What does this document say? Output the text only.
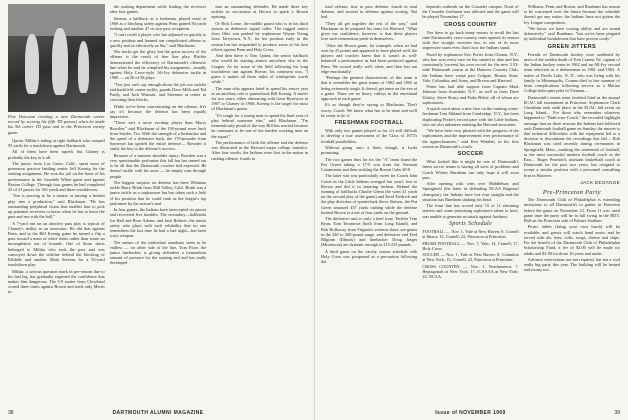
Pete Donovan creating a new Dartmouth career record by scoring his fifth TD passes) when he made his 5th career TD pass and in the Princeton varsity game.

Quinn, Mildar's fading at right halfback who romped 93 yards for a touchdown against Dartmouth.

All of them have been superb, but Chaney is probably the key to it all.

The junior from Las Gatos, Calif., spent most of preseason practice battling senior Jeff Koenig for the starting assignment. He won the job on the basis of his performance in the Grumble White game and against Boston College. Through four games he had completed 25 of 41 passes for 361 yards and three touchdowns.

"Jim is proving to be a master at turning a broken play into a production," said Blackman. "He has outstanding peripheral vision that enables him to pick up potential receivers or know when he has to leave the pass and run with the ball."

A 7-yard run on an abortive pass play is typical of Chaney's ability as an innovator. He did that against Penn, and in the Bill Koenig game he turned a flip a pass toward a mass of white shirts rather than waste an incompletion out of bounds. One of those shirts belonged to Mildar who took the pass and was convoyed down the sideline behind the blocking of Kildalle and another Mark Stevens for a 92-yard touchdown play.

Mildar, a serious question mark in pre-season due to his bad leg, has gradually regained the confidence that makes him dangerous. The 5-8 starter from Cleveland scored three times against Brown and trails only Merrit in

the rushing department while leading the receivers after four games.

Stearns, a halfback as a freshman, played most of 1968 as a blocking safety against Penn gained 84 yards rushing and another 47 on two pass receptions.

"I can't recall a player who has adjusted so quickly to a new position and learned our complicated offense so quickly and as effectively as Stu," said Blackman.

The backs get the glory but the great success of the offense is the result of fine line play. Ritchie demonstrated the efficiency of Dartmouth's offensive line when he said he complied his assignment—usually against Holy Cross-style. Ali-Ivy defensive tackle in 1968 — on 56 of 58 plays.

"You just can't say enough about the job our tackles and backfield, center tackle, guards Dave Mills and Ted Pardy, and Jack Wimsatt, and Steensen at center in executing their blocks.

While we've been concentrating on the offense, let's say it's because the defense has been equally impressive.

"There isn't a more exciting player than Murry Bowden," said Blackman of the 190-pound rover back from Snyder, Tex. With the strength of a linebacker and the speed of a defensive back, the 170-pounder from Somerset has ignited the entire defense— Bowden is easily the key to the defense's success.

Because of a summer shoulder injury, Bowden was a very questionable performer this fall but has turned out to be all that the Dartmouth coaches had expected. He doesn't tackle with his arms — he simply runs through people.

The biggest surprise on defense has been Whitman tackle Barry Brink from Mill Valley, Calif. Brink was a junior tackle as a sophomore but has taken such a hold of his position that he could rank as the league's top performer by the season's end.

In four games, the Indians have intercepted six passes and recovered five fumbles. The secondary—halfbacks Joe Ball and Rose Adams, and Jack Roberts, the senior safety who plays with such reliability that no one remembers the last time he had a bad night—has been scary weapon.

The names of the individual standouts seem to be endless — on other side of the line, Tom Fiore, the junior linebacker, is giving defenders a tremendous amount of pressure for the starting end and has really developed

into an outstanding defender. He made three key tackles in succession at Brown to spark a Brown uprising.

Or Rick Lease, the middle guard who is in his third season as defensive signal caller. The rugged senior from Ohio was pushed by sophomore Wayne Young from Tarrytown, N.Y., for his position early in the season but has responded to produce some of his best efforts against Penn and Holy Cross.

And then there is Tom Quinn, the senior halfback who would be starting almost anywhere else in the League. As for some of the field following his long touchdown run against Brown, his comment was, "I guess it makes all those miles of windsprints worth while."

The man who appears fated to spend his senior year in an ancillary role is quarterback Bill Koenig. A starter for two years, either alternating with Gene Ryzewicz in 1967 or Chaney in 1968, Koenig is the target for most of Blackman's praise.

"It's tough for a young man to spend his final year of play behind someone else," said Blackman. "I'm tremendously proud of the way Bill has reacted because he continues to be one of the hardest working men on the squad."

The performance of both the offense and the defense was illustrated in the Harvard major college statistics. After four weeks, the Indians were first in the nation in rushing offense, fourth in

38	DARTMOUTH ALUMNI MAGAZINE

total offense, first in pass defense, fourth in total defense, and second in defense against scoring. Not bad.

"They all get together the rest of the way," said Blackman as he prepared his team for Harvard. "What gives me confidence, however, is that these players love such tremendous pride in themselves.

"After the Brown game, for example, when we had won by 25 points and appeared to have played well, the players and coaches knew that it wasn't as well-balanced a performance as had been produced against Penn. We scored really well, often, and then lost our edge emotionally.

"Perhaps the greatest characteristic of this team is that it resembles the great teams of 1962 and 1965 in being extremely tough. It doesn't get tense on the eve of a game. There are no heavy valleys in the emotional approach to each game.

It's as though they're saying to Blackman, 'Don't worry, Coach. We know what has to be done and we'll be ready to do it.'

FRESHMAN FOOTBALL

With only two games played so far, it's still difficult to develop a true assessment of the Class of 1973's football possibilities.

Without going onto a limb, though, it looks promising.

The two games thus far for the "A" team found the Pea Green taking a 17-0 win from the Vermont Catamounts and then tackling the Brown Cubs 40-0.

The latter win was particularly sweet for Coach John Curtis as the Little Indians avenged last year's loss to Brown and did it in stunning fashion. Behind the running of halfbacks Charlie Glenn (he went 41 yards on the second play of the game) and Errol Fredrick and the play direction of quarterback Steve Stetson, the Pea Green amassed 457 yards rushing while the defense limited Brown to a net of four yards on the ground.

The defensive unit is truly a beef trust. Tackles Tom Ryan, Tom Terranova (both from Long Island), and Bob Holloway from Virginia's western shore, are giants in the 240 to 260-pound range, and defensive end Fred Bilgram (Illinois) and linebacker Doug Jaeger (Minnesota) are dynamic enough at 215-225 pounds.

A third game on the varsity season schedule with Holy Cross was postponed as a precaution following the

hepatitis outbreak on the Crusader campus. None of the Crusader freshmen was affected and the game will be played November 17.

CROSS COUNTRY

You have to go back many moons to recall the last time Dartmouth's cross-country team opened its season with five straight victories but, in one of its most impressive starts ever, that's how the Indians stand.

Paced by sophomore Eric Potter from Clinton, N.Y., who has won every race he has started to date and has consistently lowered his own record for the new 5.53-mile Dartmouth course at the Hanover Country Club, the Indians have swept past Colgate, Boston State, Vale, Columbia, and Army, and Brown and Harvard.

Potter has had able support from Captain Mark Johnson from Scarsdale, N.Y., as well as from Dave Udaloy, Steve Slurry and Parks Robie, all of whom are sophomores.

A quick word about a new face on the running scene: freshman Tom Shiland from Cambridge, N.Y., has been duplicating Potter's record pace with the Little Indians, who are also unbeaten entering the Harvard encounter.

"We have been very pleased with the progress of the sophomores and the improvement over performance of the upperclassmen," said Ken Weinbel, in his first season as Dartmouth's coach.

SOCCER

What looked like it might be one of Dartmouth's finest soccer teams is having all sorts of problems and Coach Whitey Burnham can only hope it will soon pass.

After opening with wins over Middlebury and Springfield (the latter in defending NCAA Regional champion), the Indians have lost four straight and the situation has Burnham shaking his head.

The front line has scored only 10 of 11 returning starters and some promising sophomore talent to boot, was unable to generate an attack against Amherst.

Sports Schedule

FOOTBALL — Nov. 1, Yale at New Haven; 8, Cornell at Ithaca; 15, Cornell; 22, Princeton at Princeton.

FROSH FOOTBALL — Nov. 7, Yale; 14, Cornell; 17, Holy Cross.

SOCCER — Nov. 1, Yale at New Haven; 8, Columbia at New York; 15, Cornell; 22, Princeton at Princeton.

CROSS COUNTRY — Nov. 1, Northeastern; 7, Heptagonals at New York; 17, ICAAAA at New York; 24, NCAA.

Williams, Penn, and Brown, and Burnham has reason to be concerned over the future because the schedule doesn't get any easier, the Indians have not gotten the Ivy League competition.

"We know we have scoring ability and are sound defensively," said Burnham, "but we've been plagued by individual breakdowns that have proven costly."

GREEN JITTERS

Friends of Dartmouth hockey were saddened by news of the sudden death of Tom Cranna '62, captain of the Indian hockey team in 1962 and an All-Ivy second team selection as a defenseman in 1961 and 1962. A native of Devils Lake, N. D., who was living with his family in Minneapolis, Cranna died in late summer of heart complications following service as a Marine College helicopter pilot in Vietnam....

Dartmouth's tennis team finished third in the annual ECAC fall tournament at Princeton. Sophomore Clark Cheatham took sixth place in the ECAC fall event on Long Island.... For those who remember whatever happened to "Dink-a-no-Coach," the recorded highlight message that on three seasons the Indians had followed each Dartmouth football game on Sunday, the answer is that technical difficulties with the equipment led to a decision to discontinue the recordings this fall.... Bob Blackman was cited recently during ceremonies in Springfield, Mass., marking the centennial of football, as the most successful modern football coach in the East.... Roger Pearlsteil, assistant basketball coach at Dartmouth for the past two years, has resigned to accept a similar position with a personnel consulting firm in Hanover.

JACK DEGANGE
Pre-Princeton Party

The Dartmouth Club of Philadelphia is extending invitations to all Dartmouth's to gather in Princeton before the game on November 22. From 11 a.m. until game time the party will be in full swing in the BITC Hall on the Princeton side of Palmer Stadium.

Picnic tables (bring your own lunch) will be available, and guests will watch band music and be served with ale, beer, cider, soups, cheese and chips. For the benefit of the Dartmouth Club of Philadelphia Scholarship Fund, a fee of $2.00 will be made for adults and $1.00 for those 16 years and under.

Advance reservations are not required, but not a cool really big party this year. The building will be heated and roomy too.

Issue of NOVEMBER 1969	39
